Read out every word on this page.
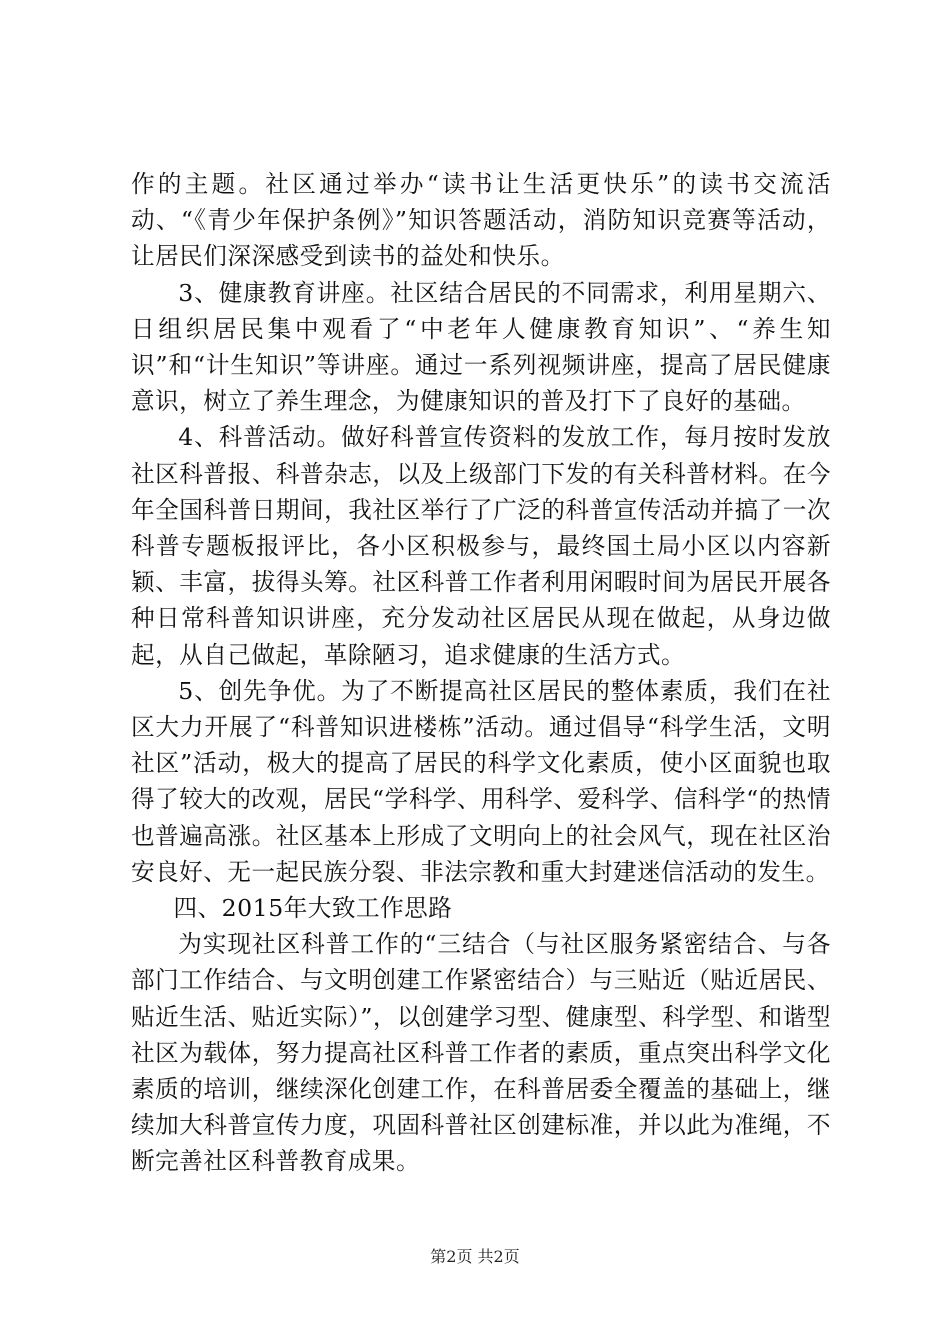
作的主题。社区通过举办“读书让生活更快乐”的读书交流活动、“《青少年保护条例》”知识答题活动，消防知识竞赛等活动，让居民们深深感受到读书的益处和快乐。

3、健康教育讲座。社区结合居民的不同需求，利用星期六、日组织居民集中观看了“中老年人健康教育知识”、“养生知识”和“计生知识”等讲座。通过一系列视频讲座，提高了居民健康意识，树立了养生理念，为健康知识的普及打下了良好的基础。

4、科普活动。做好科普宣传资料的发放工作，每月按时发放社区科普报、科普杂志，以及上级部门下发的有关科普材料。在今年全国科普日期间，我社区举行了广泛的科普宣传活动并搞了一次科普专题板报评比，各小区积极参与，最终国土局小区以内容新颖、丰富，拔得头筹。社区科普工作者利用闲暇时间为居民开展各种日常科普知识讲座，充分发动社区居民从现在做起，从身边做起，从自己做起，革除陋习，追求健康的生活方式。

5、创先争优。为了不断提高社区居民的整体素质，我们在社区大力开展了“科普知识进楼栋”活动。通过倡导“科学生活，文明社区”活动，极大的提高了居民的科学文化素质，使小区面貌也取得了较大的改观，居民“学科学、用科学、爱科学、信科学“的热情也普遍高涨。社区基本上形成了文明向上的社会风气，现在社区治安良好、无一起民族分裂、非法宗教和重大封建迷信活动的发生。

四、2015年大致工作思路

为实现社区科普工作的“三结合（与社区服务紧密结合、与各部门工作结合、与文明创建工作紧密结合）与三贴近（贴近居民、贴近生活、贴近实际）”，以创建学习型、健康型、科学型、和谐型社区为载体，努力提高社区科普工作者的素质，重点突出科学文化素质的培训，继续深化创建工作，在科普居委全覆盖的基础上，继续加大科普宣传力度，巩固科普社区创建标准，并以此为准绳，不断完善社区科普教育成果。

第2页 共2页
